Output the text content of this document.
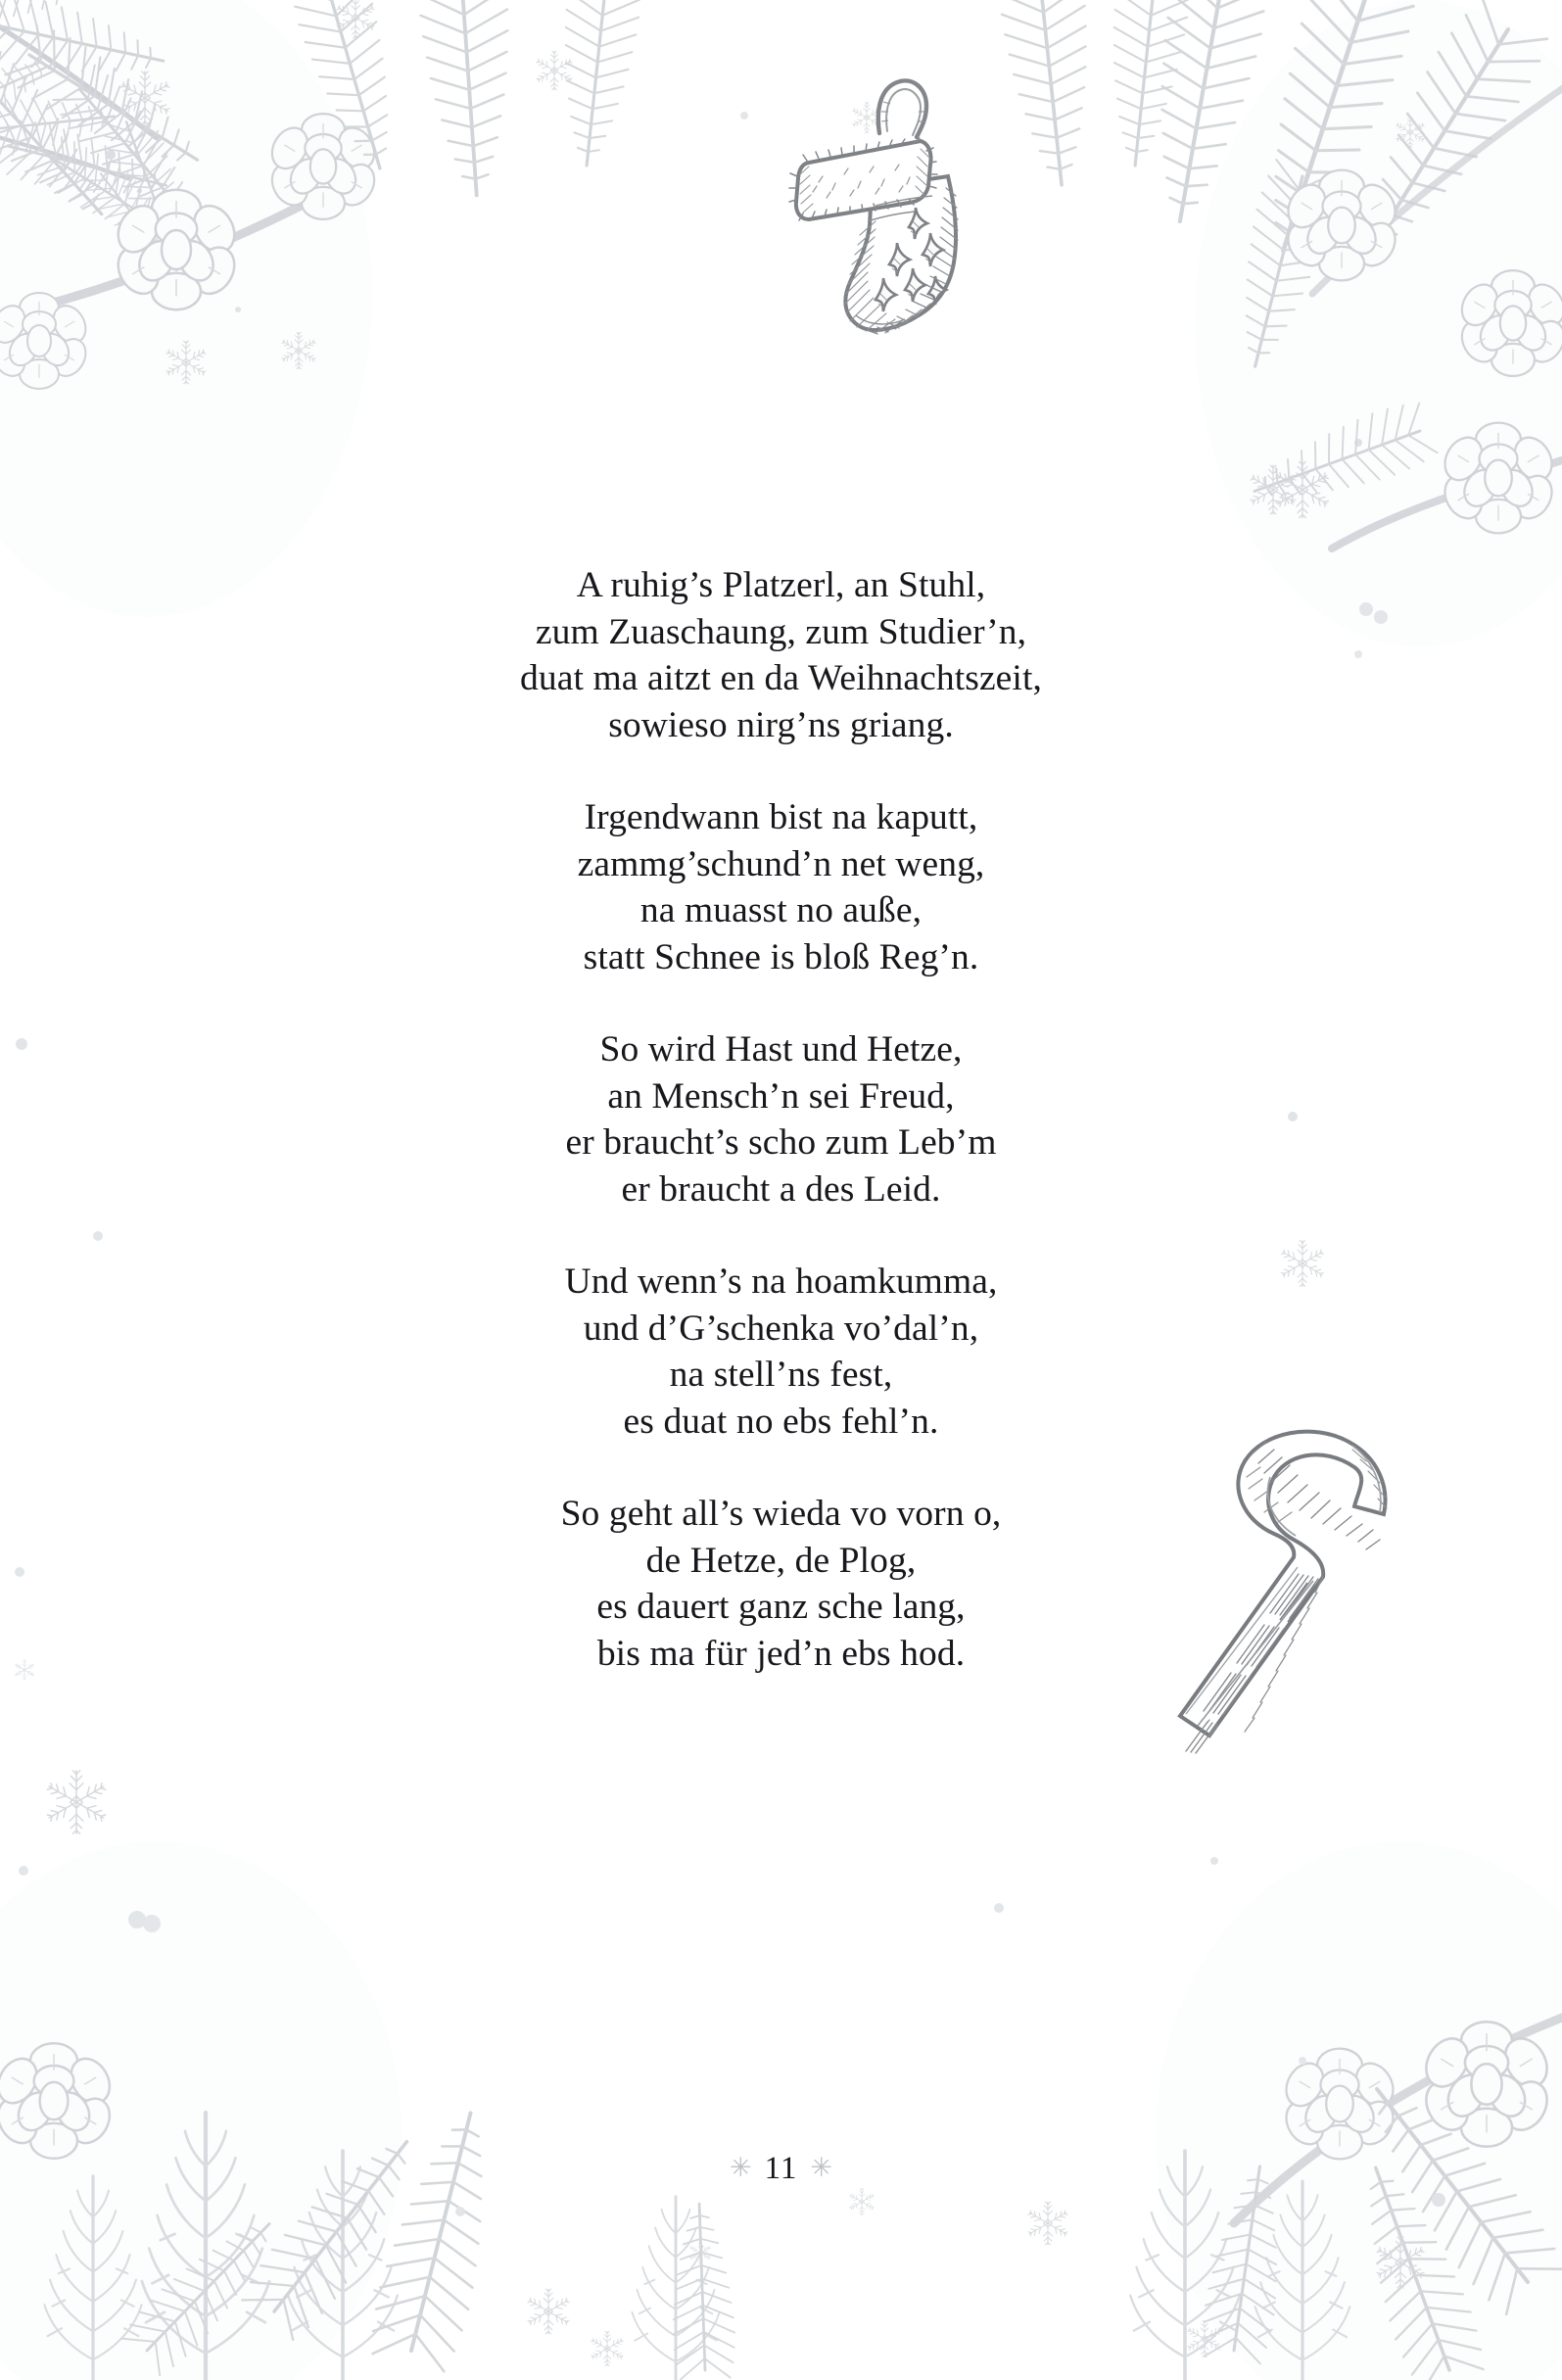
A ruhig’s Platzerl, an Stuhl,
zum Zuaschaung, zum Studier’n,
duat ma aitzt en da Weihnachtszeit,
sowieso nirg’ns griang.
Irgendwann bist na kaputt,
zammg’schund’n net weng,
na muasst no auße,
statt Schnee is bloß Reg’n.
So wird Hast und Hetze,
an Mensch’n sei Freud,
er braucht’s scho zum Leb’m
er braucht a des Leid.
Und wenn’s na hoamkumma,
und d’G’schenka vo’dal’n,
na stell’ns fest,
es duat no ebs fehl’n.
So geht all’s wieda vo vorn o,
de Hetze, de Plog,
es dauert ganz sche lang,
bis ma für jed’n ebs hod.
✳ 11 ✳
